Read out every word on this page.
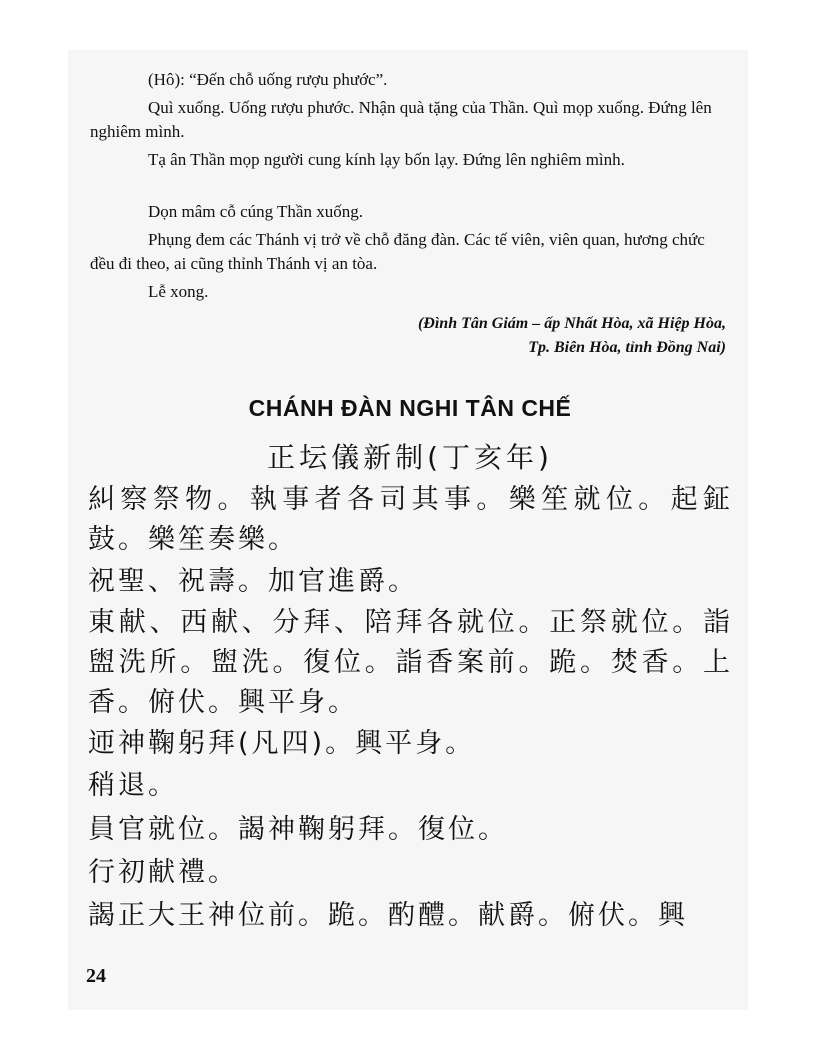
(Hô): “Đến chỗ uống rượu phước”.

Quì xuống. Uống rượu phước. Nhận quà tặng của Thần. Quì mọp xuống. Đứng lên nghiêm mình.

Tạ ân Thần mọp người cung kính lạy bốn lạy. Đứng lên nghiêm mình.

Dọn mâm cỗ cúng Thần xuống.

Phụng đem các Thánh vị trở về chỗ đăng đàn. Các tế viên, viên quan, hương chức đều đi theo, ai cũng thỉnh Thánh vị an tòa.

Lễ xong.

(Đình Tân Giám – ấp Nhất Hòa, xã Hiệp Hòa,
Tp. Biên Hòa, tỉnh Đồng Nai)
CHÁNH ĐÀN NGHI TÂN CHẾ
正坛儀新制(丁亥年)

糾察祭物。執事者各司其事。樂笙就位。起鉦鼓。樂笙奏樂。

祝聖、祝壽。加官進爵。

東献、西献、分拜、陪拜各就位。正祭就位。詣盥洗所。盥洗。復位。詣香案前。跪。焚香。上香。俯伏。興平身。

迊神鞠躬拜(凡四)。興平身。

稍退。

員官就位。謁神鞠躬拜。復位。

行初献禮。

謁正大王神位前。跪。酌醴。献爵。俯伏。興

24
